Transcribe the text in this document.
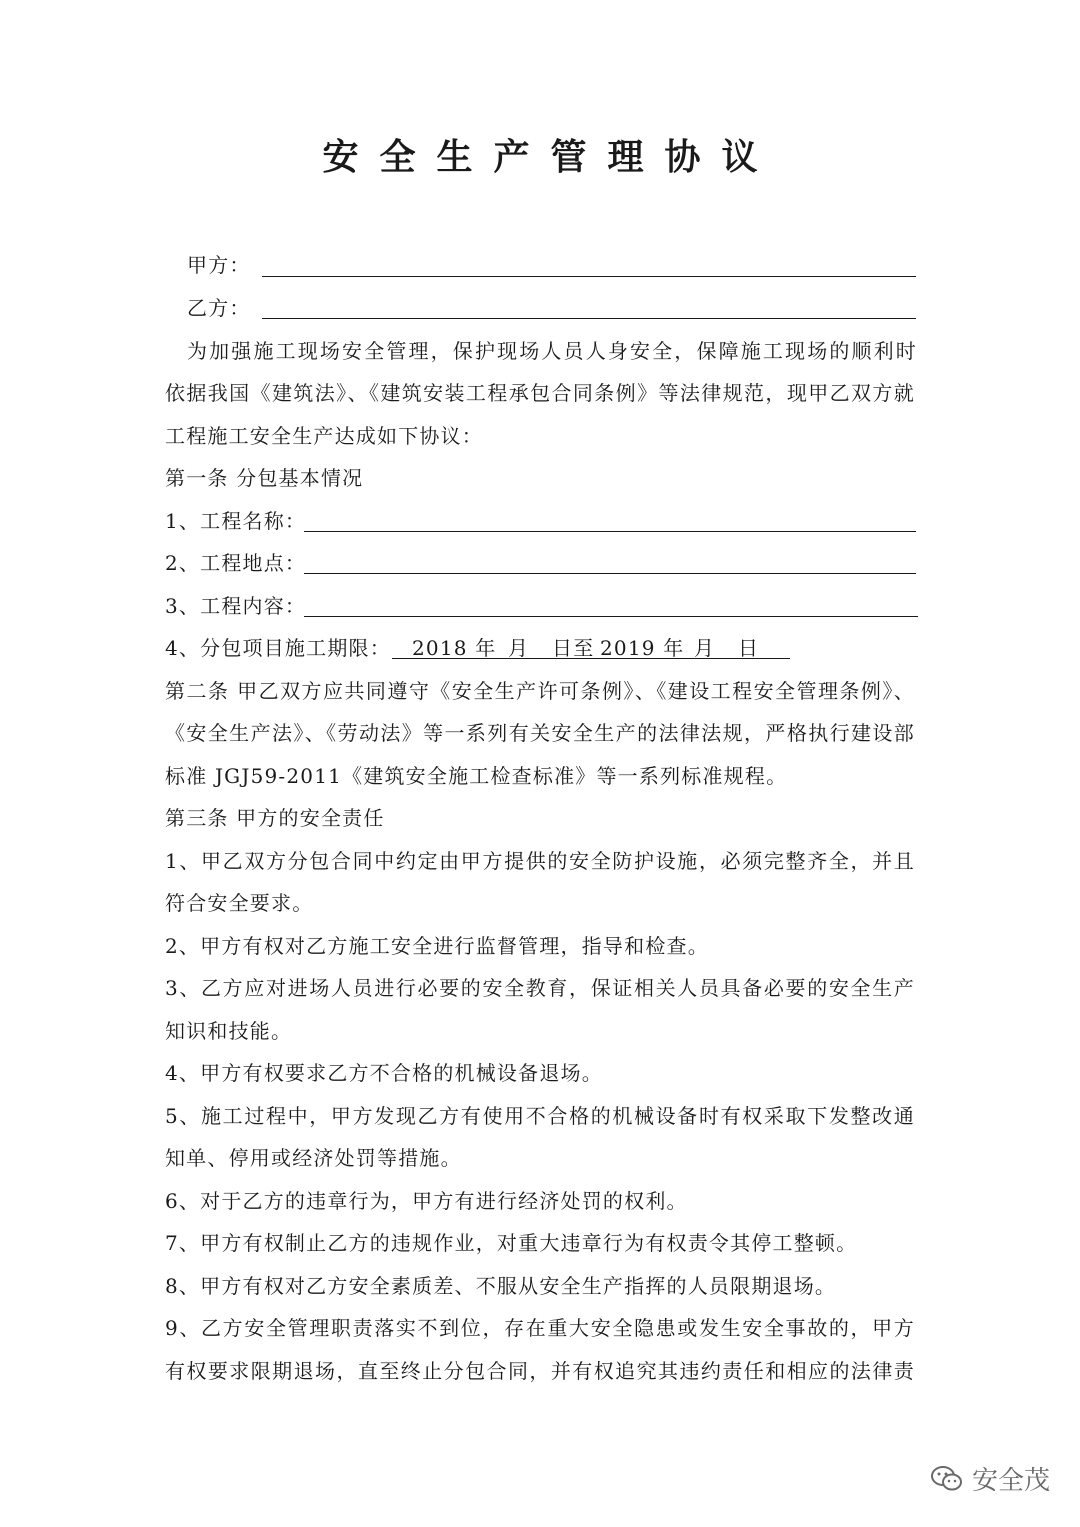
安全生产管理协议
甲方：
乙方：
为加强施工现场安全管理，保护现场人员人身安全，保障施工现场的顺利时
依据我国《建筑法》、《建筑安装工程承包合同条例》等法律规范，现甲乙双方就
工程施工安全生产达成如下协议：
第一条 分包基本情况
1、工程名称：
2、工程地点：
3、工程内容：
4、分包项目施工期限： 2018 年 月 日至 2019 年 月 日
第二条 甲乙双方应共同遵守《安全生产许可条例》、《建设工程安全管理条例》、
《安全生产法》、《劳动法》等一系列有关安全生产的法律法规，严格执行建设部
标准 JGJ59-2011《建筑安全施工检查标准》等一系列标准规程。
第三条 甲方的安全责任
1、甲乙双方分包合同中约定由甲方提供的安全防护设施，必须完整齐全，并且
符合安全要求。
2、甲方有权对乙方施工安全进行监督管理，指导和检查。
3、乙方应对进场人员进行必要的安全教育，保证相关人员具备必要的安全生产
知识和技能。
4、甲方有权要求乙方不合格的机械设备退场。
5、施工过程中，甲方发现乙方有使用不合格的机械设备时有权采取下发整改通
知单、停用或经济处罚等措施。
6、对于乙方的违章行为，甲方有进行经济处罚的权利。
7、甲方有权制止乙方的违规作业，对重大违章行为有权责令其停工整顿。
8、甲方有权对乙方安全素质差、不服从安全生产指挥的人员限期退场。
9、乙方安全管理职责落实不到位，存在重大安全隐患或发生安全事故的，甲方
有权要求限期退场，直至终止分包合同，并有权追究其违约责任和相应的法律责
安全茂
